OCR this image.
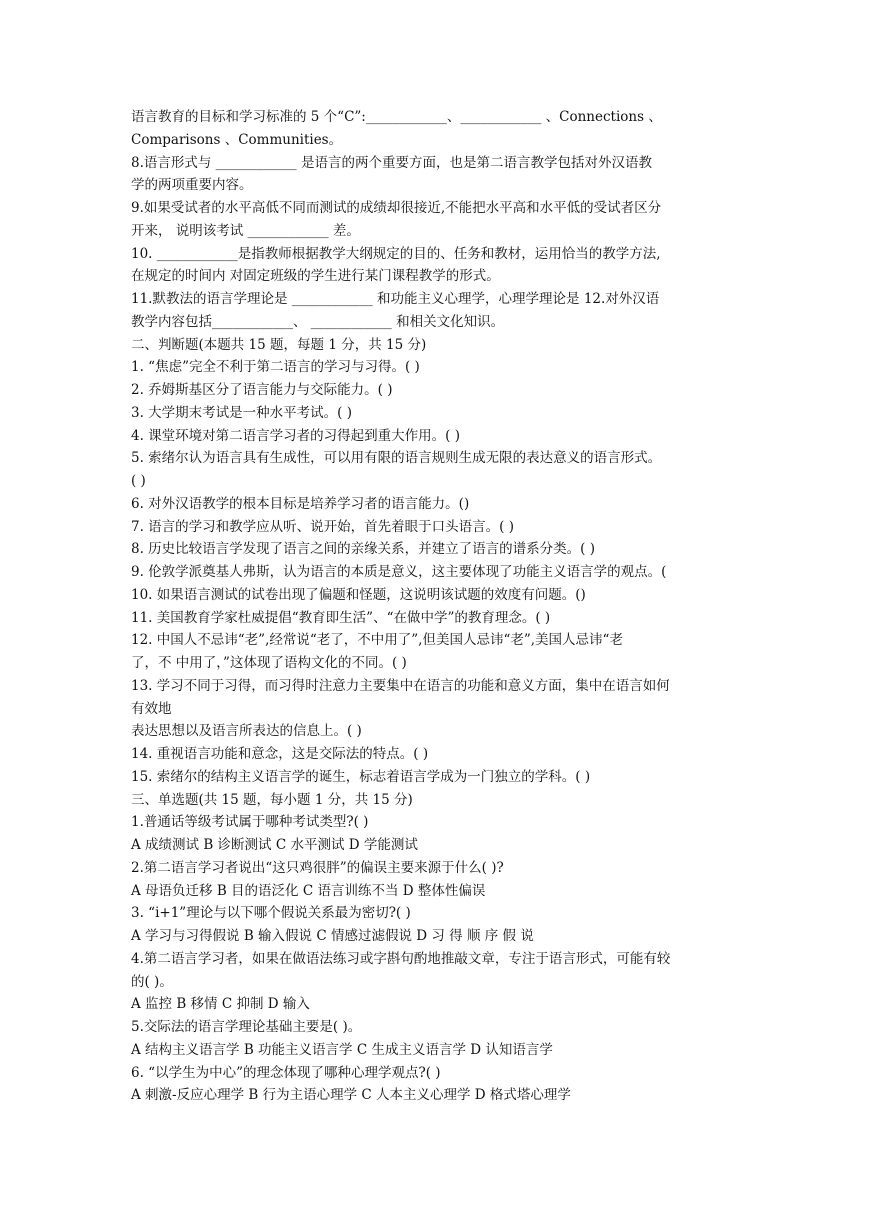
语言教育的目标和学习标准的 5 个“C”:____________、____________ 、Connections 、
Comparisons 、Communities。
8.语言形式与 ____________ 是语言的两个重要方面，也是第二语言教学包括对外汉语教
学的两项重要内容。
9.如果受试者的水平高低不同而测试的成绩却很接近,不能把水平高和水平低的受试者区分
开来， 说明该考试 ____________ 差。
10. ____________是指教师根据教学大纲规定的目的、任务和教材，运用恰当的教学方法,
在规定的时间内 对固定班级的学生进行某门课程教学的形式。
11.默教法的语言学理论是 ____________ 和功能主义心理学，心理学理论是 12.对外汉语
教学内容包括____________、 ____________ 和相关文化知识。
二、判断题(本题共 15 题，每题 1 分，共 15 分)
1. “焦虑”完全不利于第二语言的学习与习得。( )
2. 乔姆斯基区分了语言能力与交际能力。( )
3. 大学期末考试是一种水平考试。( )
4. 课堂环境对第二语言学习者的习得起到重大作用。( )
5. 索绪尔认为语言具有生成性，可以用有限的语言规则生成无限的表达意义的语言形式。
( )
6. 对外汉语教学的根本目标是培养学习者的语言能力。()
7. 语言的学习和教学应从听、说开始，首先着眼于口头语言。( )
8. 历史比较语言学发现了语言之间的亲缘关系，并建立了语言的谱系分类。( )
9. 伦敦学派奠基人弗斯，认为语言的本质是意义，这主要体现了功能主义语言学的观点。(
10. 如果语言测试的试卷出现了偏题和怪题，这说明该试题的效度有问题。()
11. 美国教育学家杜威提倡“教育即生活”、“在做中学”的教育理念。( )
12. 中国人不忌讳“老”,经常说“老了，不中用了”,但美国人忌讳“老”,美国人忌讳“老
了，不 中用了，”这体现了语构文化的不同。( )
13. 学习不同于习得，而习得时注意力主要集中在语言的功能和意义方面，集中在语言如何
有效地
表达思想以及语言所表达的信息上。( )
14. 重视语言功能和意念，这是交际法的特点。( )
15. 索绪尔的结构主义语言学的诞生，标志着语言学成为一门独立的学科。( )
三、单选题(共 15 题，每小题 1 分，共 15 分)
1.普通话等级考试属于哪种考试类型?( )
A 成绩测试 B 诊断测试 C 水平测试 D 学能测试
2.第二语言学习者说出“这只鸡很胖”的偏误主要来源于什么( )?
A 母语负迁移 B 目的语泛化 C 语言训练不当 D 整体性偏误
3. “i+1”理论与以下哪个假说关系最为密切?( )
A 学习与习得假说 B 输入假说 C 情感过滤假说 D 习 得 顺 序 假 说
4.第二语言学习者，如果在做语法练习或字斟句酌地推敲文章，专注于语言形式，可能有较
的( )。
A 监控 B 移情 C 抑制 D 输入
5.交际法的语言学理论基础主要是( )。
A 结构主义语言学 B 功能主义语言学 C 生成主义语言学 D 认知语言学
6. “以学生为中心”的理念体现了哪种心理学观点?( )
A 刺激-反应心理学 B 行为主语心理学 C 人本主义心理学 D 格式塔心理学
